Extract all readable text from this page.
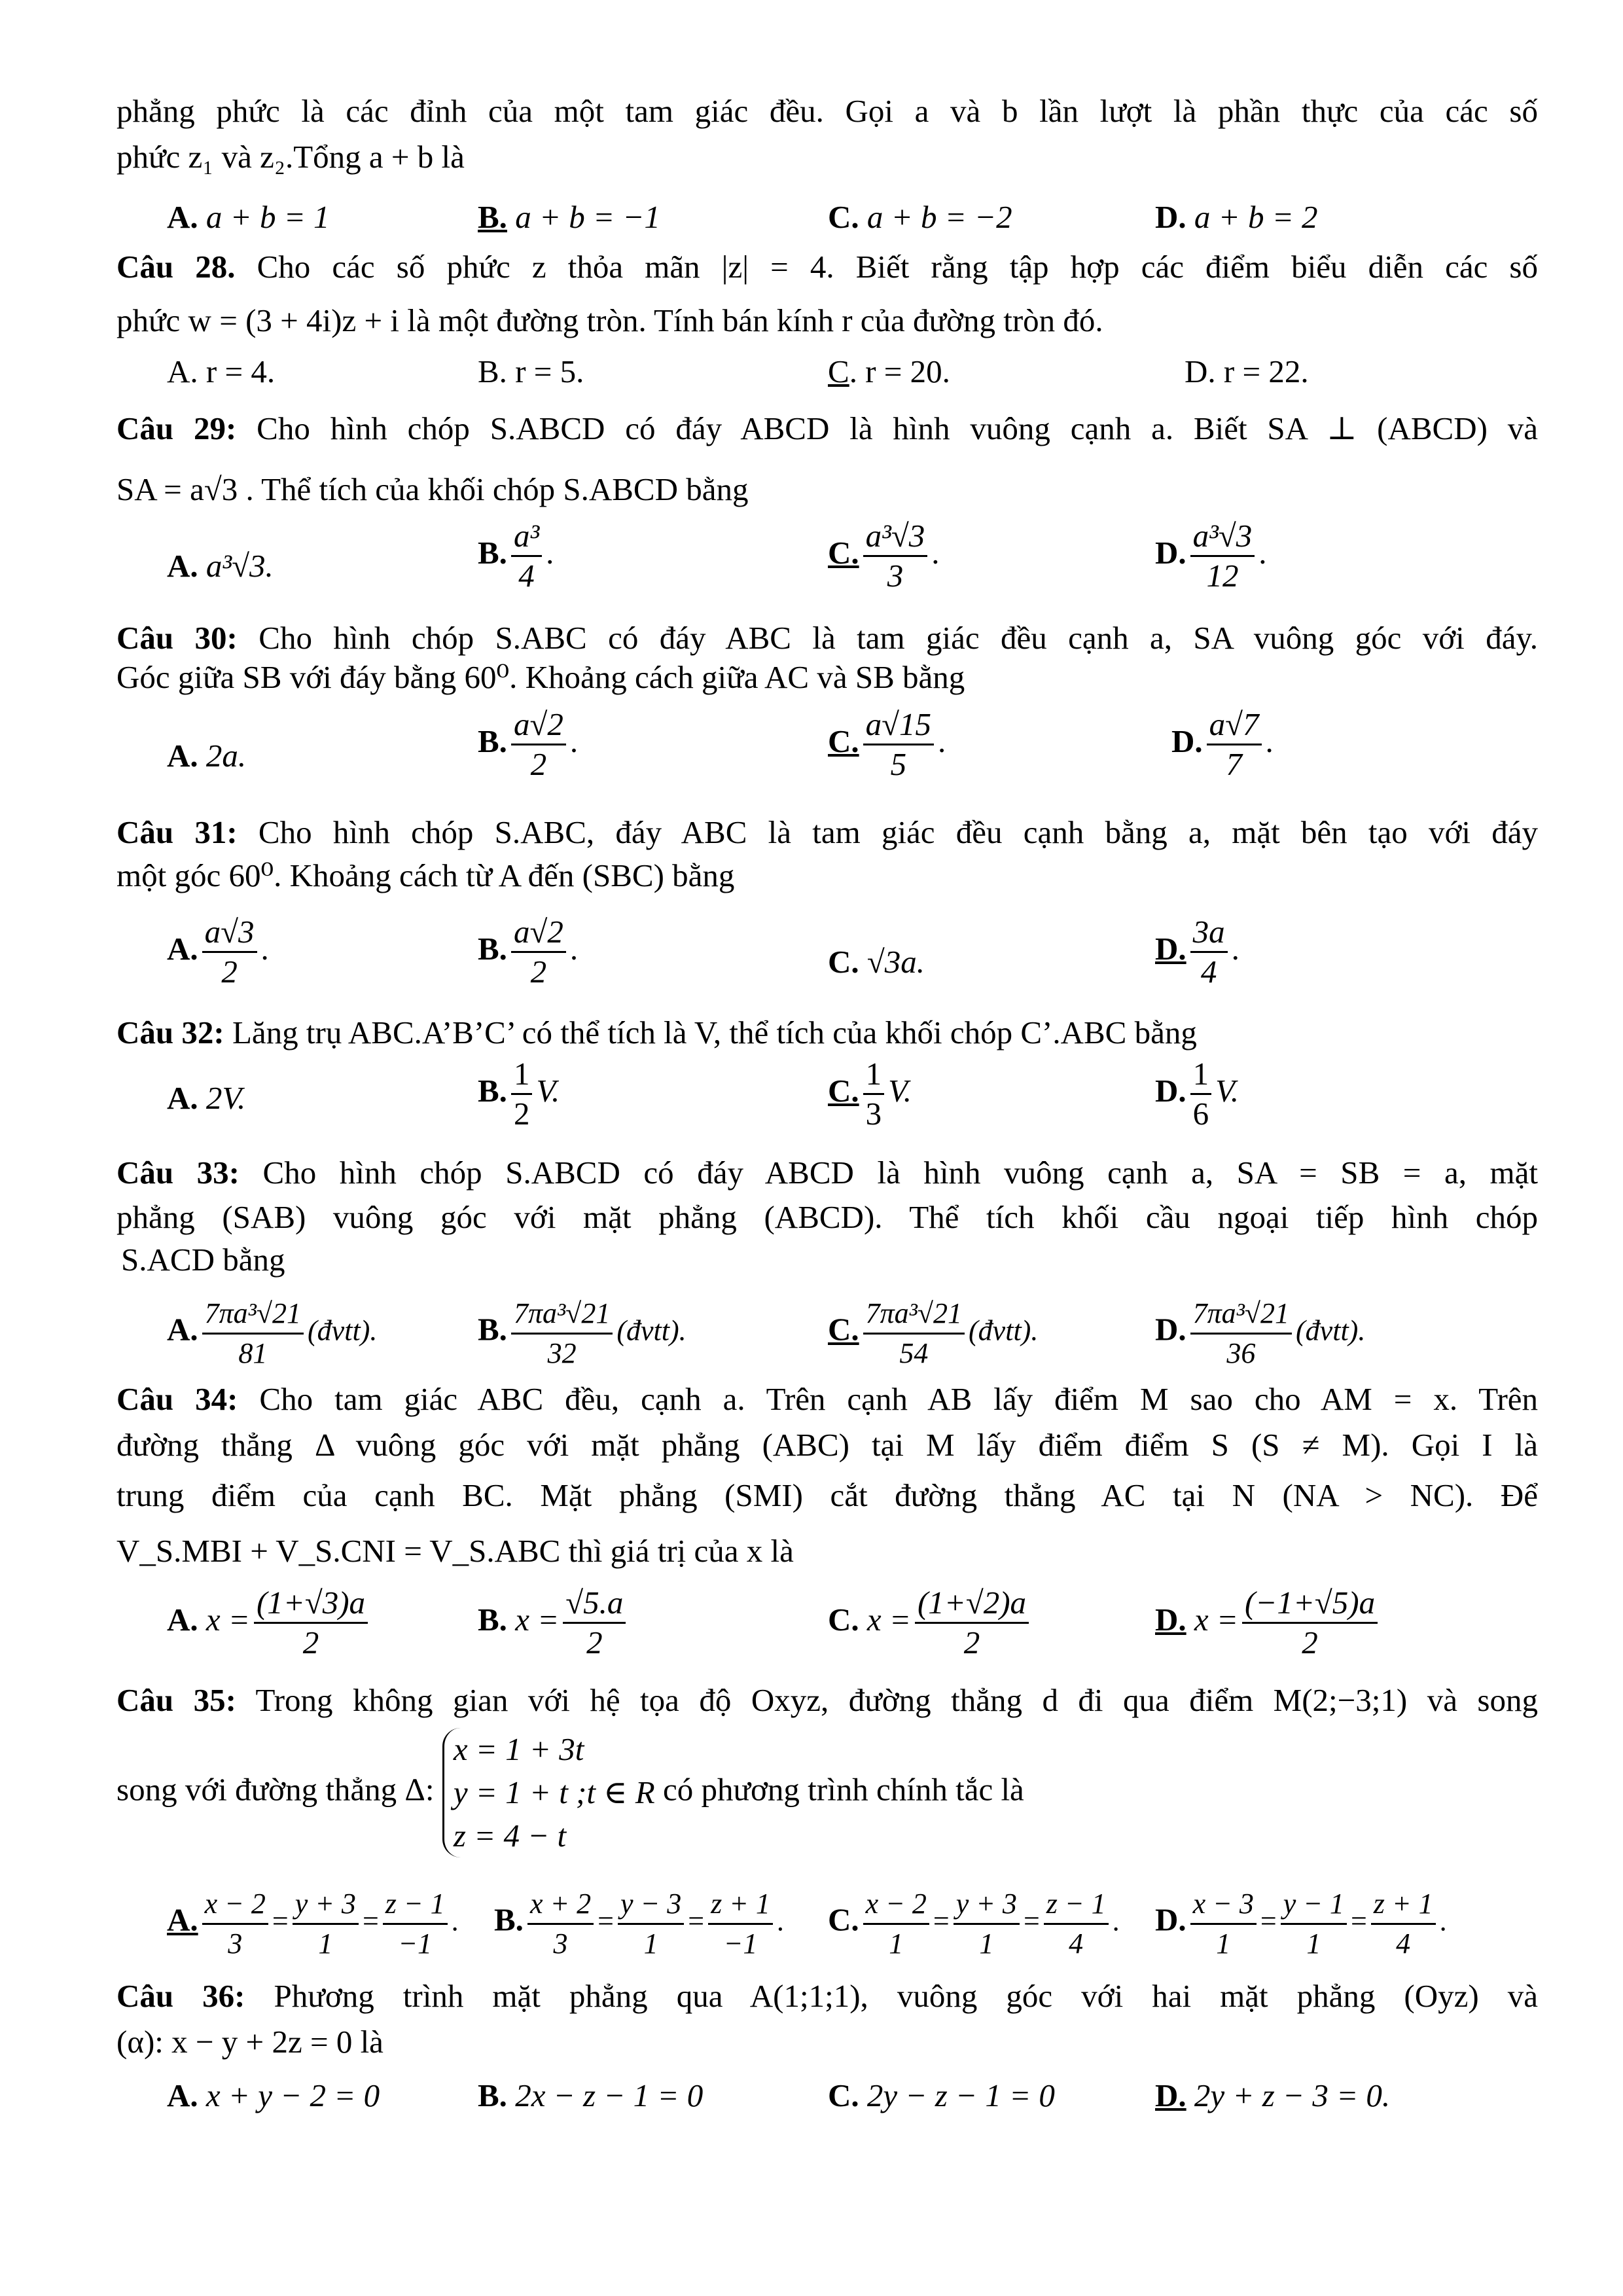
phẳng phức là các đỉnh của một tam giác đều. Gọi a và b lần lượt là phần thực của các số
phức z₁ và z₂.Tổng a + b là
A. a + b = 1	B. a + b = −1	C. a + b = −2	D. a + b = 2
Câu 28. Cho các số phức z thỏa mãn |z| = 4. Biết rằng tập hợp các điểm biểu diễn các số
phức w = (3 + 4i)z + i là một đường tròn. Tính bán kính r của đường tròn đó.
A. r = 4.	B. r = 5.	C. r = 20.	D. r = 22.
Câu 29: Cho hình chóp S.ABCD có đáy ABCD là hình vuông cạnh a. Biết SA ⊥ (ABCD) và
SA = a√3 . Thể tích của khối chóp S.ABCD bằng
A. a³√3.	B. $\frac{\text{a³}}{4}$ .	C. $\frac{\text{a³√3}}{3}$ .	D. $\frac{\text{a³√3}}{12}$ .
Câu 30: Cho hình chóp S.ABC có đáy ABC là tam giác đều cạnh a, SA vuông góc với đáy.
Góc giữa SB với đáy bằng 60⁰. Khoảng cách giữa AC và SB bằng
A. 2a.	B. $\frac{a√2}{2}$ .	C. $\frac{a√15}{5}$ .	D. $\frac{a√7}{7}$ .
Câu 31: Cho hình chóp S.ABC, đáy ABC là tam giác đều cạnh bằng a, mặt bên tạo với đáy
một góc 60⁰. Khoảng cách từ A đến (SBC) bằng
A. $\frac{a√3}{2}$ .	B. $\frac{a√2}{2}$ .	C. √3a.	D. $\frac{3a}{4}$ .
Câu 32: Lăng trụ ABC.A’B’C’ có thể tích là V, thể tích của khối chóp C’.ABC bằng
A. 2V.	B. $\frac{1}{2} V$.	C. $\frac{1}{3} V$.	D. $\frac{1}{6} V$.
Câu 33: Cho hình chóp S.ABCD có đáy ABCD là hình vuông cạnh a, SA = SB = a, mặt
phẳng (SAB) vuông góc với mặt phẳng (ABCD). Thể tích khối cầu ngoại tiếp hình chóp
S.ACD bằng
A. $\frac{\text{7πa³√21}}{81}$ (đvtt).	B. $\frac{\text{7πa³√21}}{32}$ (đvtt).	C. $\frac{\text{7πa³√21}}{54}$ (đvtt).	D. $\frac{\text{7πa³√21}}{36}$ (đvtt).
Câu 34: Cho tam giác ABC đều, cạnh a. Trên cạnh AB lấy điểm M sao cho AM = x. Trên
đường thẳng Δ vuông góc với mặt phẳng (ABC) tại M lấy điểm điểm S (S ≠ M). Gọi I là
trung điểm của cạnh BC. Mặt phẳng (SMI) cắt đường thẳng AC tại N (NA > NC). Để
V_S.MBI + V_S.CNI = V_S.ABC thì giá trị của x là
A. $x = \frac{(1+√3)a}{2}$	B. $x = \frac{√5.a}{2}$	C. $x = \frac{(1+√2)a}{2}$	D. $x = \frac{(-1+√5)a}{2}$
Câu 35: Trong không gian với hệ tọa độ Oxyz, đường thẳng d đi qua điểm M(2;−3;1) và song
song với đường thẳng Δ:
x = 1 + 3t
y = 1 + t ;t ∈ R
z = 4 − t
có phương trình chính tắc là
A. $\frac{x - 2}{3} = \frac{y + 3}{1} = \frac{z - 1}{-1}$ . B. $\frac{x + 2}{3} = \frac{y - 3}{1} = \frac{z + 1}{-1}$ . C. $\frac{x - 2}{1} = \frac{y + 3}{1} = \frac{z - 1}{4}$ . D. $\frac{x - 3}{1} = \frac{y - 1}{1} = \frac{z + 1}{4}$ .
Câu 36: Phương trình mặt phẳng qua A(1;1;1), vuông góc với hai mặt phẳng (Oyz) và
(α): x − y + 2z = 0 là
A. x + y − 2 = 0	B. 2x − z − 1 = 0	C. 2y − z − 1 = 0	D. 2y + z − 3 = 0.
